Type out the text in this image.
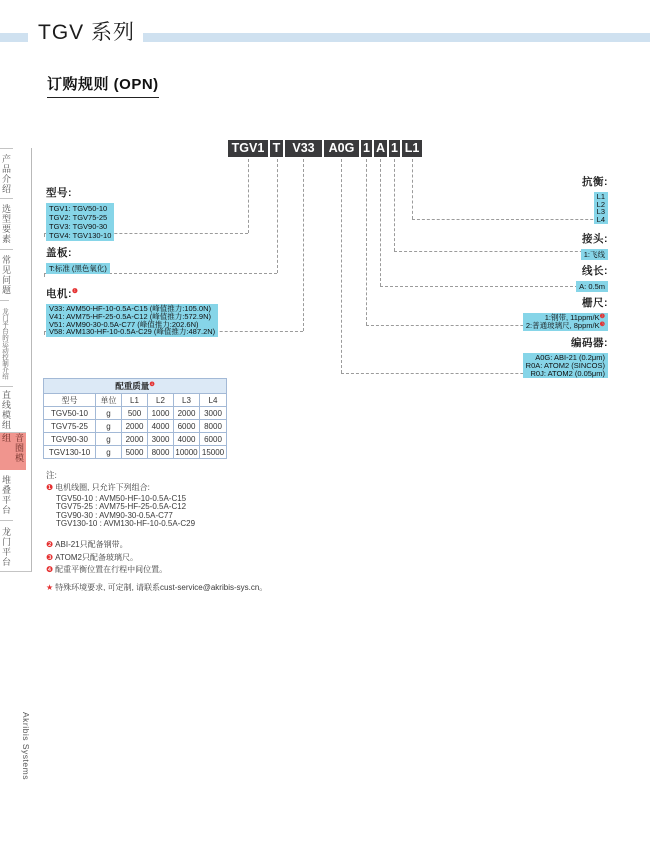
TGV 系列
订购规则 (OPN)
TGV1 T V33	A0G 1 A 1 L1
型号:
TGV1: TGV50-10
TGV2: TGV75-25
TGV3: TGV90-30
TGV4: TGV130-10
盖板:
T:标准 (黑色氧化)
电机:$^❶$
V33: AVM50-HF-10-0.5A-C15 (峰值推力:105.0N)
V41: AVM75-HF-25-0.5A-C12 (峰值推力:572.9N)
V51: AVM90-30-0.5A-C77 (峰值推力:202.6N)
V58: AVM130-HF-10-0.5A-C29 (峰值推力:487.2N)
抗衡:
L1
L2
L3
L4
接头:
1:飞线
线长:
A: 0.5m
栅尺:
1:钢带, $11ppm/K^❷$
2:普通玻璃尺, $8ppm/K^❸$
编码器:
A0G: ABI-21 (0.2μm)
R0A: ATOM2 (SINCOS)
R0J: ATOM2 (0.05μm)
配重质量$^❹$
型号	单位	L1	L2	L3	L4
TGV50-10	g	500	1000	2000	3000
TGV75-25	g	2000	4000	6000	8000
TGV90-30	g	2000	3000	4000	6000
TGV130-10	g	5000	8000	10000	15000
注:
❶ 电机线圈, 只允许下列组合:
TGV50-10 : AVM50-HF-10-0.5A-C15
TGV75-25 : AVM75-HF-25-0.5A-C12
TGV90-30 : AVM90-30-0.5A-C77
TGV130-10 : AVM130-HF-10-0.5A-C29
❷ ABI-21只配备钢带。
❸ ATOM2只配备玻璃尺。
❹ 配重平衡位置在行程中间位置。
★ 特殊环境要求, 可定制, 请联系cust-service@akribis-sys.cn。
产品介绍
选型要素
常见问题
龙门平台的运动控制介绍
直线模组
音圈模组
堆叠平台
龙门平台
Akribis Systems
